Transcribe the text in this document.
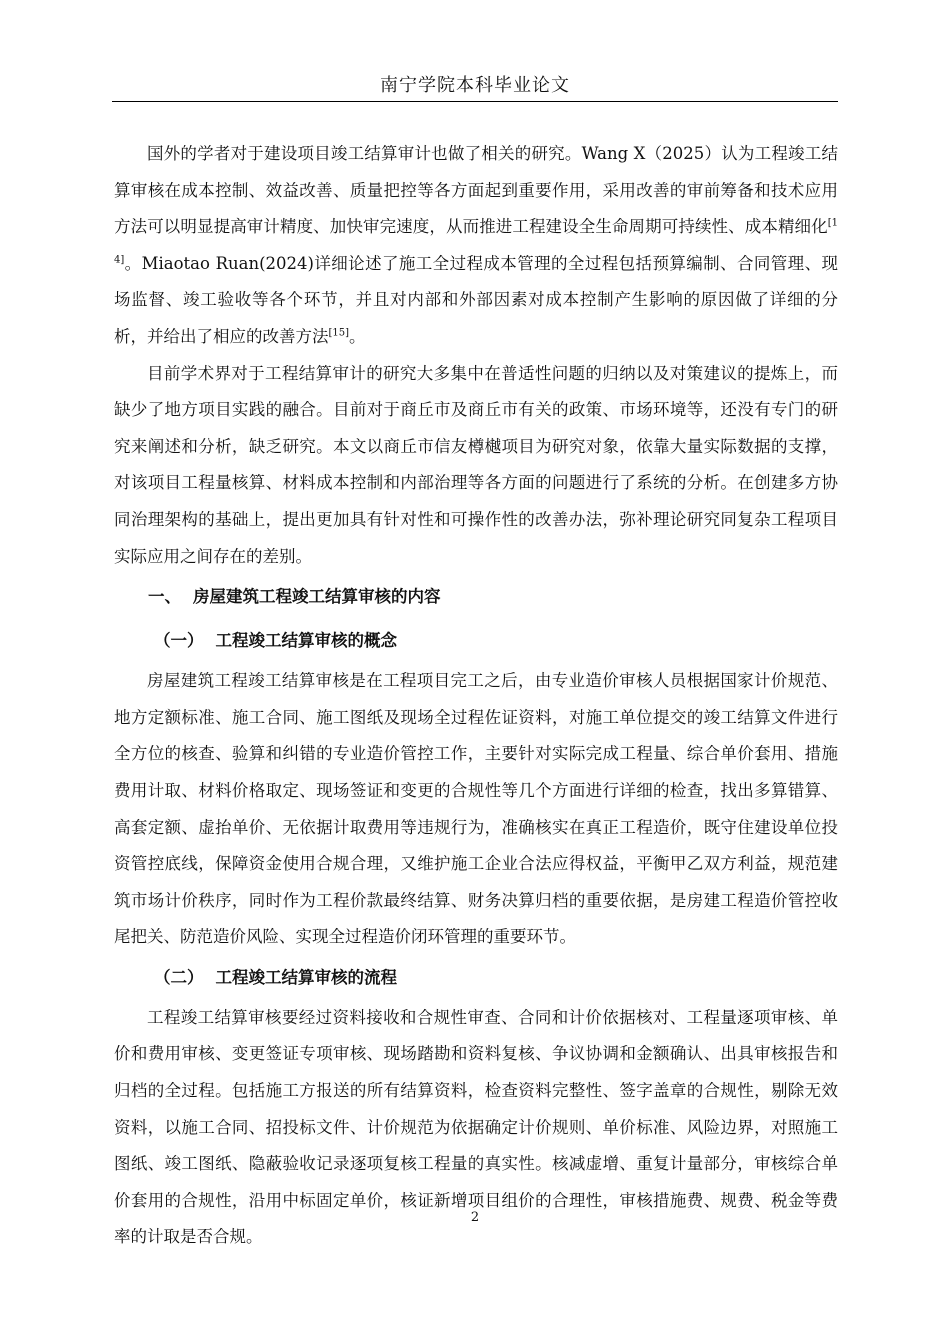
南宁学院本科毕业论文

国外的学者对于建设项目竣工结算审计也做了相关的研究。Wang X（2025）认为工程竣工结算审核在成本控制、效益改善、质量把控等各方面起到重要作用，采用改善的审前筹备和技术应用方法可以明显提高审计精度、加快审完速度，从而推进工程建设全生命周期可持续性、成本精细化[14]。Miaotao Ruan(2024)详细论述了施工全过程成本管理的全过程包括预算编制、合同管理、现场监督、竣工验收等各个环节，并且对内部和外部因素对成本控制产生影响的原因做了详细的分析，并给出了相应的改善方法[15]。

目前学术界对于工程结算审计的研究大多集中在普适性问题的归纳以及对策建议的提炼上，而缺少了地方项目实践的融合。目前对于商丘市及商丘市有关的政策、市场环境等，还没有专门的研究来阐述和分析，缺乏研究。本文以商丘市信友樽樾项目为研究对象，依靠大量实际数据的支撑，对该项目工程量核算、材料成本控制和内部治理等各方面的问题进行了系统的分析。在创建多方协同治理架构的基础上，提出更加具有针对性和可操作性的改善办法，弥补理论研究同复杂工程项目实际应用之间存在的差别。

一、 房屋建筑工程竣工结算审核的内容
（一） 工程竣工结算审核的概念

房屋建筑工程竣工结算审核是在工程项目完工之后，由专业造价审核人员根据国家计价规范、地方定额标准、施工合同、施工图纸及现场全过程佐证资料，对施工单位提交的竣工结算文件进行全方位的核查、验算和纠错的专业造价管控工作，主要针对实际完成工程量、综合单价套用、措施费用计取、材料价格取定、现场签证和变更的合规性等几个方面进行详细的检查，找出多算错算、高套定额、虚抬单价、无依据计取费用等违规行为，准确核实在真正工程造价，既守住建设单位投资管控底线，保障资金使用合规合理，又维护施工企业合法应得权益，平衡甲乙双方利益，规范建筑市场计价秩序，同时作为工程价款最终结算、财务决算归档的重要依据，是房建工程造价管控收尾把关、防范造价风险、实现全过程造价闭环管理的重要环节。

（二） 工程竣工结算审核的流程

工程竣工结算审核要经过资料接收和合规性审查、合同和计价依据核对、工程量逐项审核、单价和费用审核、变更签证专项审核、现场踏勘和资料复核、争议协调和金额确认、出具审核报告和归档的全过程。包括施工方报送的所有结算资料，检查资料完整性、签字盖章的合规性，剔除无效资料，以施工合同、招投标文件、计价规范为依据确定计价规则、单价标准、风险边界，对照施工图纸、竣工图纸、隐蔽验收记录逐项复核工程量的真实性。核减虚增、重复计量部分，审核综合单价套用的合规性，沿用中标固定单价，核证新增项目组价的合理性，审核措施费、规费、税金等费率的计取是否合规。

2
